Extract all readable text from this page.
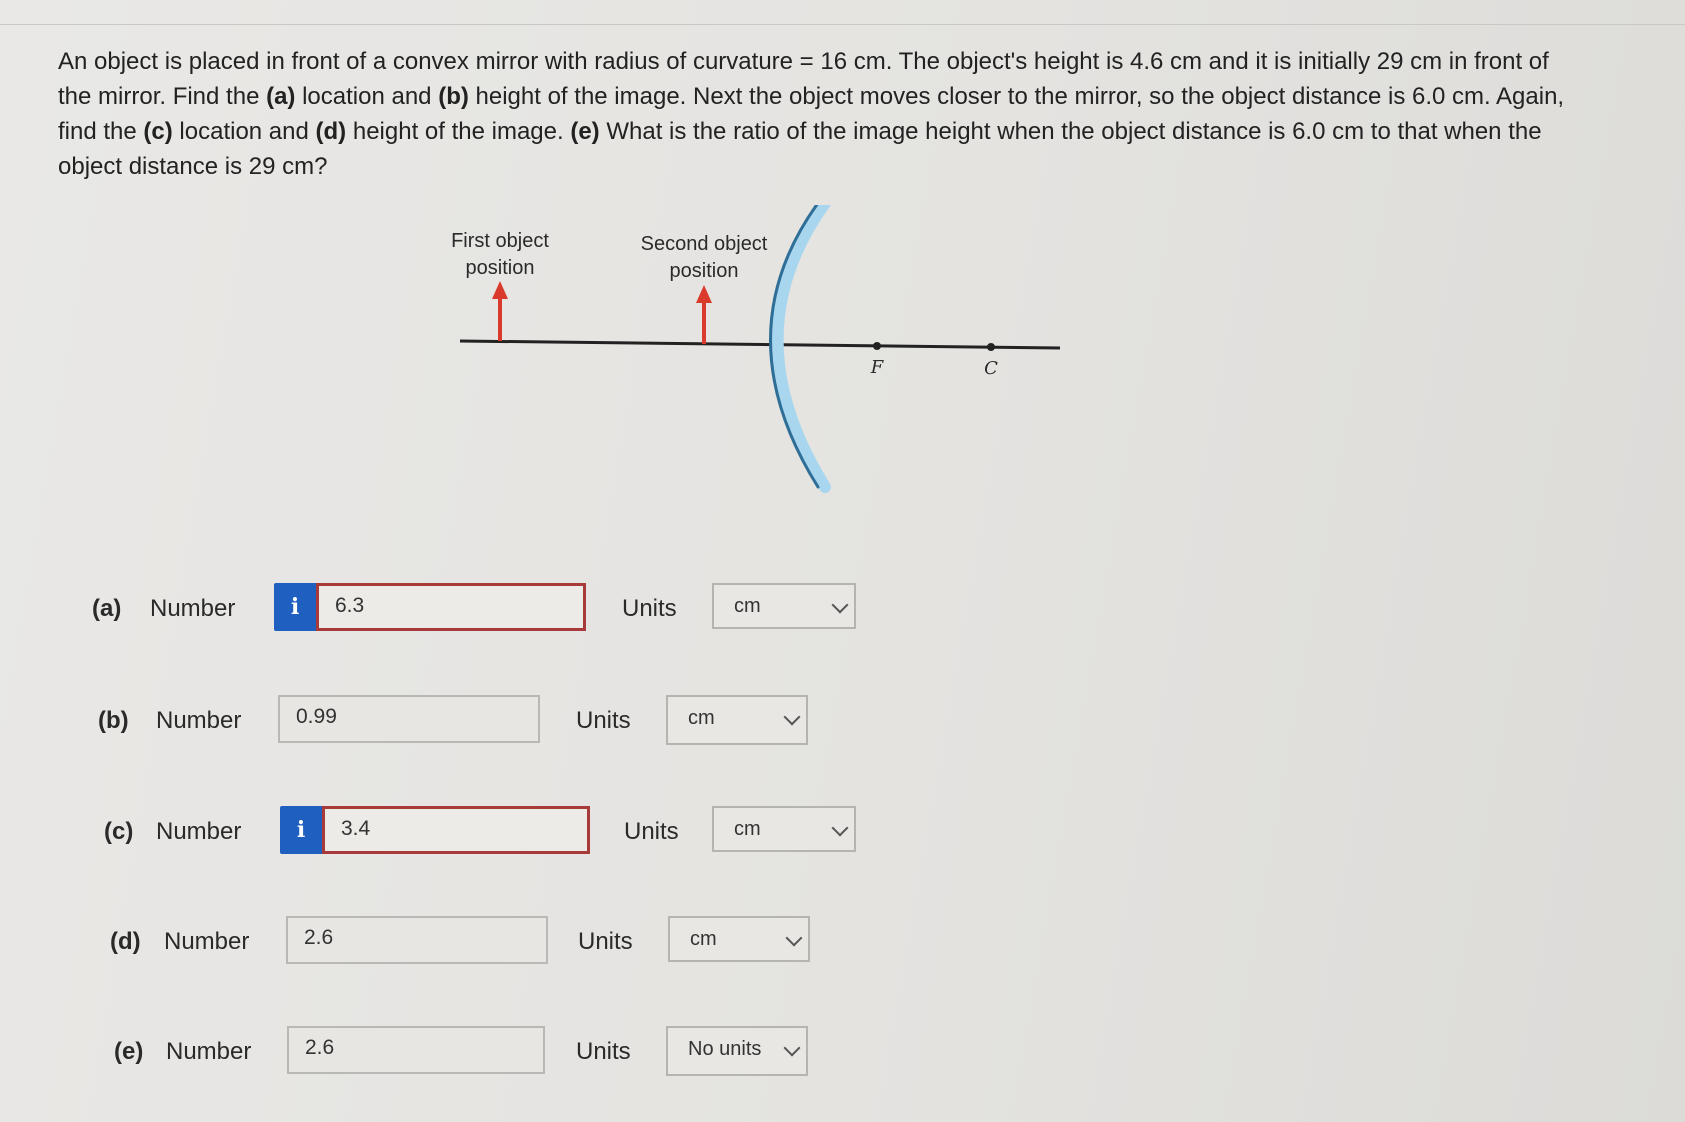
An object is placed in front of a convex mirror with radius of curvature = 16 cm. The object's height is 4.6 cm and it is initially 29 cm in front of the mirror. Find the (a) location and (b) height of the image. Next the object moves closer to the mirror, so the object distance is 6.0 cm. Again, find the (c) location and (d) height of the image. (e) What is the ratio of the image height when the object distance is 6.0 cm to that when the object distance is 29 cm?
First object
position
Second object
position
F	C
(a) Number	i	6.3	Units	cm
(b) Number	0.99	Units	cm
(c) Number	i	3.4	Units	cm
(d) Number	2.6	Units	cm
(e) Number	2.6	Units	No units
